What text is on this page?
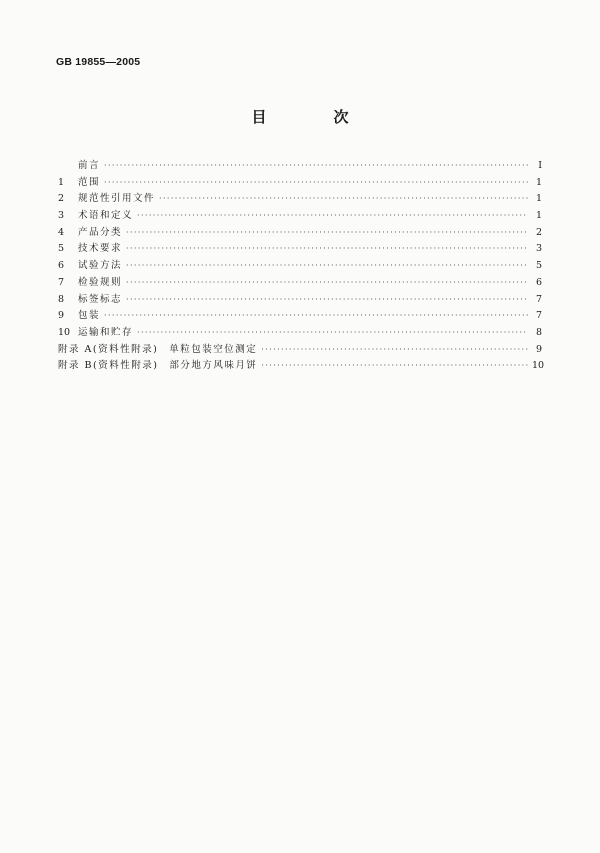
GB 19855—2005
目　次
前言 ·····	Ⅰ
1	范围 ·····	1
2	规范性引用文件 ·····	1
3	术语和定义 ·····	1
4	产品分类 ·····	2
5	技术要求 ·····	3
6	试验方法 ·····	5
7	检验规则 ·····	6
8	标签标志 ·····	7
9	包装 ·····	7
10 运输和贮存 ·····	8
附录 A(资料性附录)　单粒包装空位测定 ·····	9
附录 B(资料性附录)　部分地方风味月饼 ·····	10
